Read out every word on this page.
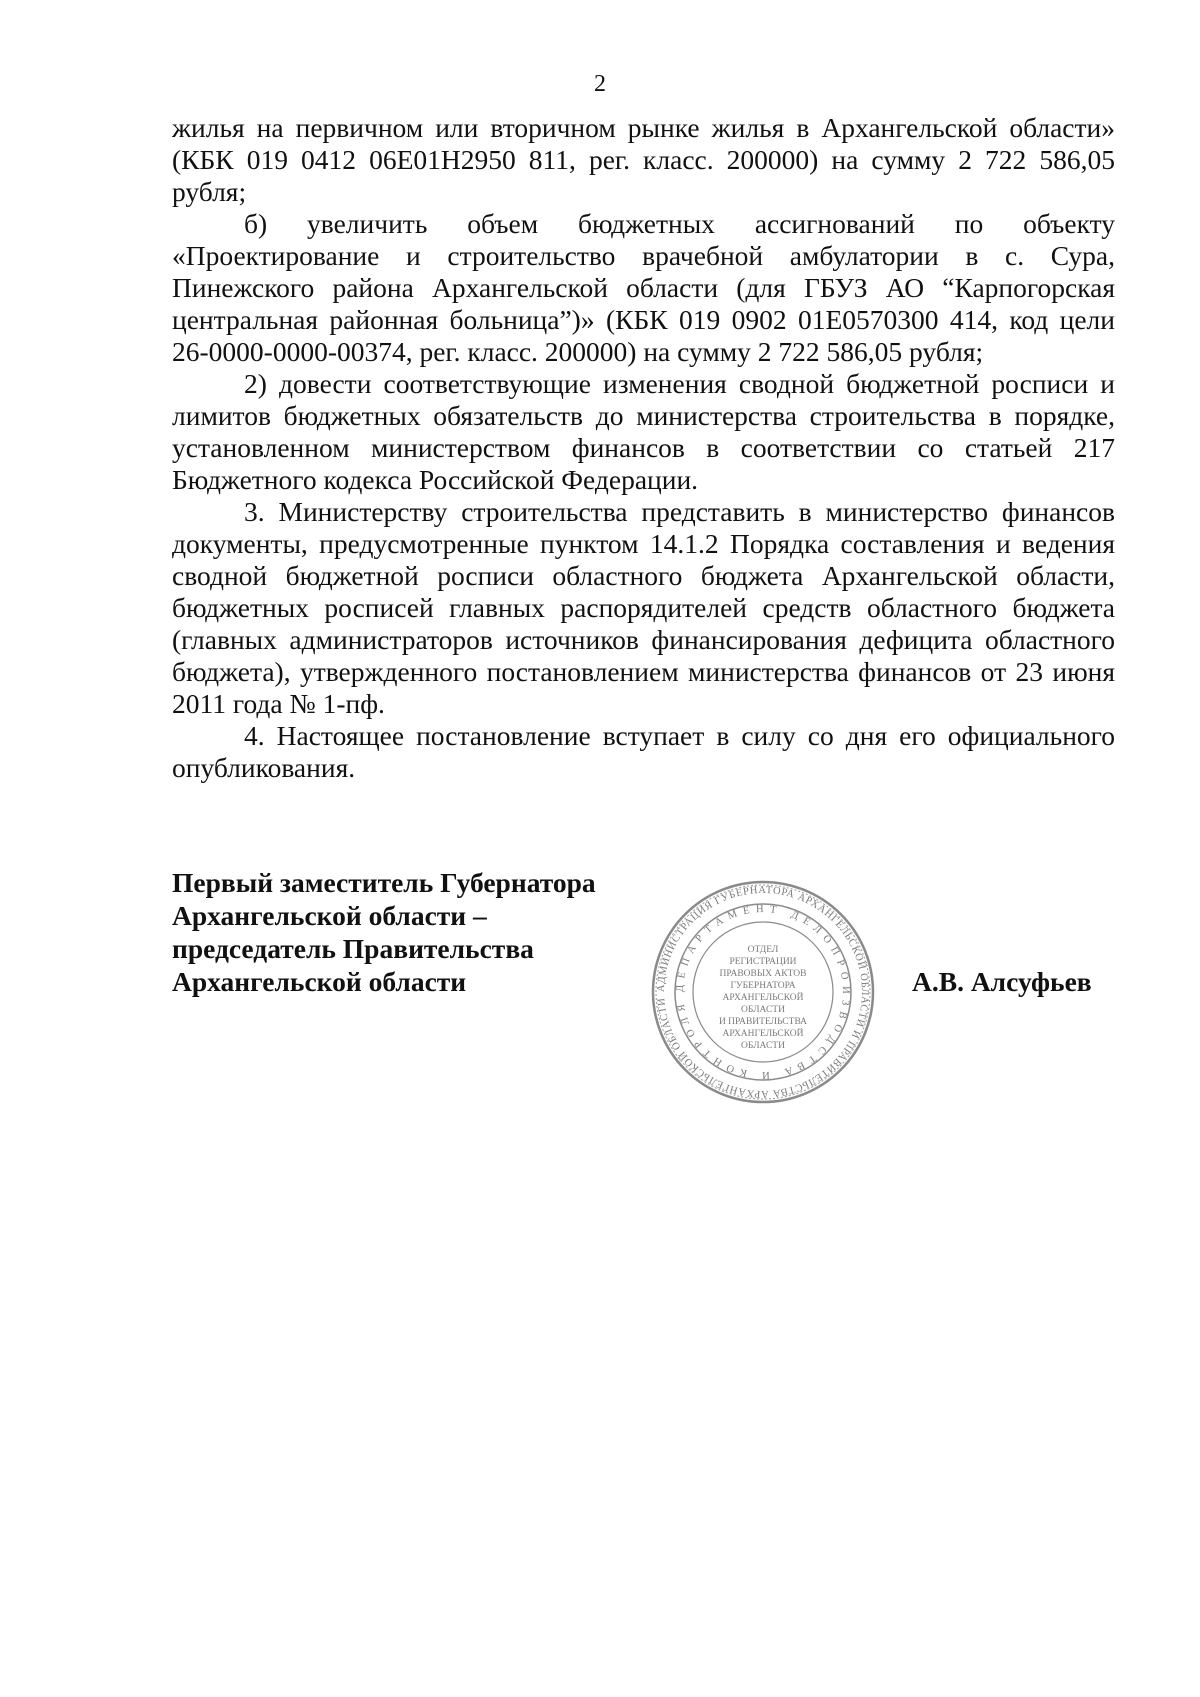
2

жилья на первичном или вторичном рынке жилья в Архангельской области» (КБК 019 0412 06Е01Н2950 811, рег. класс. 200000) на сумму 2 722 586,05 рубля;

б) увеличить объем бюджетных ассигнований по объекту «Проектирование и строительство врачебной амбулатории в с. Сура, Пинежского района Архангельской области (для ГБУЗ АО “Карпогорская центральная районная больница”)» (КБК 019 0902 01Е0570300 414, код цели 26-0000-0000-00374, рег. класс. 200000) на сумму 2 722 586,05 рубля;

2) довести соответствующие изменения сводной бюджетной росписи и лимитов бюджетных обязательств до министерства строительства в порядке, установленном министерством финансов в соответствии со статьей 217 Бюджетного кодекса Российской Федерации.

3. Министерству строительства представить в министерство финансов документы, предусмотренные пунктом 14.1.2 Порядка составления и ведения сводной бюджетной росписи областного бюджета Архангельской области, бюджетных росписей главных распорядителей средств областного бюджета (главных администраторов источников финансирования дефицита областного бюджета), утвержденного постановлением министерства финансов от 23 июня 2011 года № 1-пф.

4. Настоящее постановление вступает в силу со дня его официального опубликования.

Первый заместитель Губернатора
Архангельской области –
председатель Правительства
Архангельской области	АДМИНИСТРАЦИЯ ГУБЕРНАТОРА АРХАНГЕЛЬСКОЙ ОБЛАСТИ И ПРАВИТЕЛЬСТВА АРХАНГЕЛЬСКОЙ ОБЛАСТИ
ДЕПАРТАМЕНТ ДЕЛОПРОИЗВОДСТВА И КОНТРОЛЯ
ОТДЕЛ
РЕГИСТРАЦИИ
ПРАВОВЫХ АКТОВ
ГУБЕРНАТОРА
АРХАНГЕЛЬСКОЙ
ОБЛАСТИ
И ПРАВИТЕЛЬСТВА
АРХАНГЕЛЬСКОЙ
ОБЛАСТИ
А.В. Алсуфьев
